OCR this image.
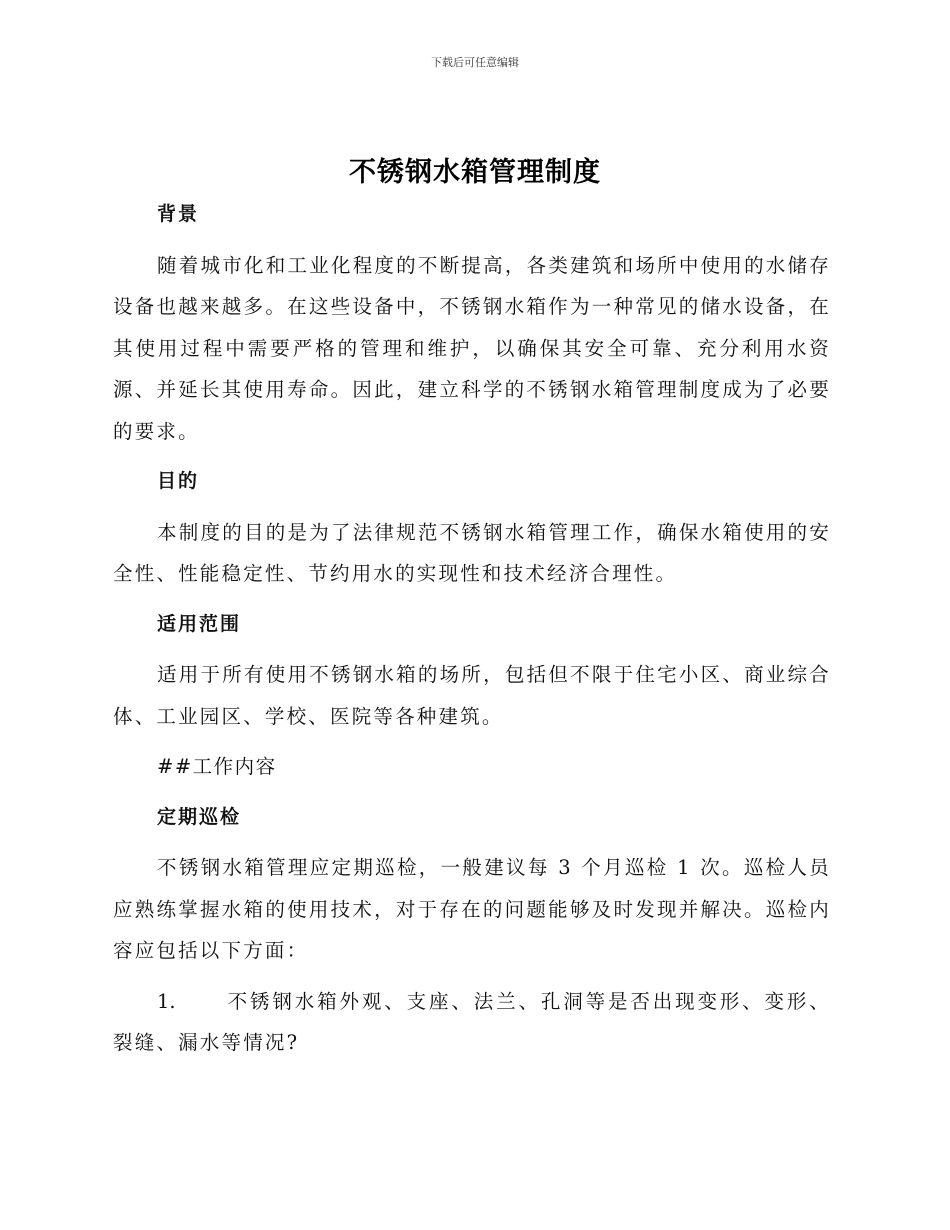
下载后可任意编辑
不锈钢水箱管理制度
背景

随着城市化和工业化程度的不断提高，各类建筑和场所中使用的水储存设备也越来越多。在这些设备中，不锈钢水箱作为一种常见的储水设备，在其使用过程中需要严格的管理和维护，以确保其安全可靠、充分利用水资源、并延长其使用寿命。因此，建立科学的不锈钢水箱管理制度成为了必要的要求。

目的

本制度的目的是为了法律规范不锈钢水箱管理工作，确保水箱使用的安全性、性能稳定性、节约用水的实现性和技术经济合理性。

适用范围

适用于所有使用不锈钢水箱的场所，包括但不限于住宅小区、商业综合体、工业园区、学校、医院等各种建筑。

##工作内容

定期巡检

不锈钢水箱管理应定期巡检，一般建议每 3 个月巡检 1 次。巡检人员应熟练掌握水箱的使用技术，对于存在的问题能够及时发现并解决。巡检内容应包括以下方面：

1.	不锈钢水箱外观、支座、法兰、孔洞等是否出现变形、变形、裂缝、漏水等情况?
